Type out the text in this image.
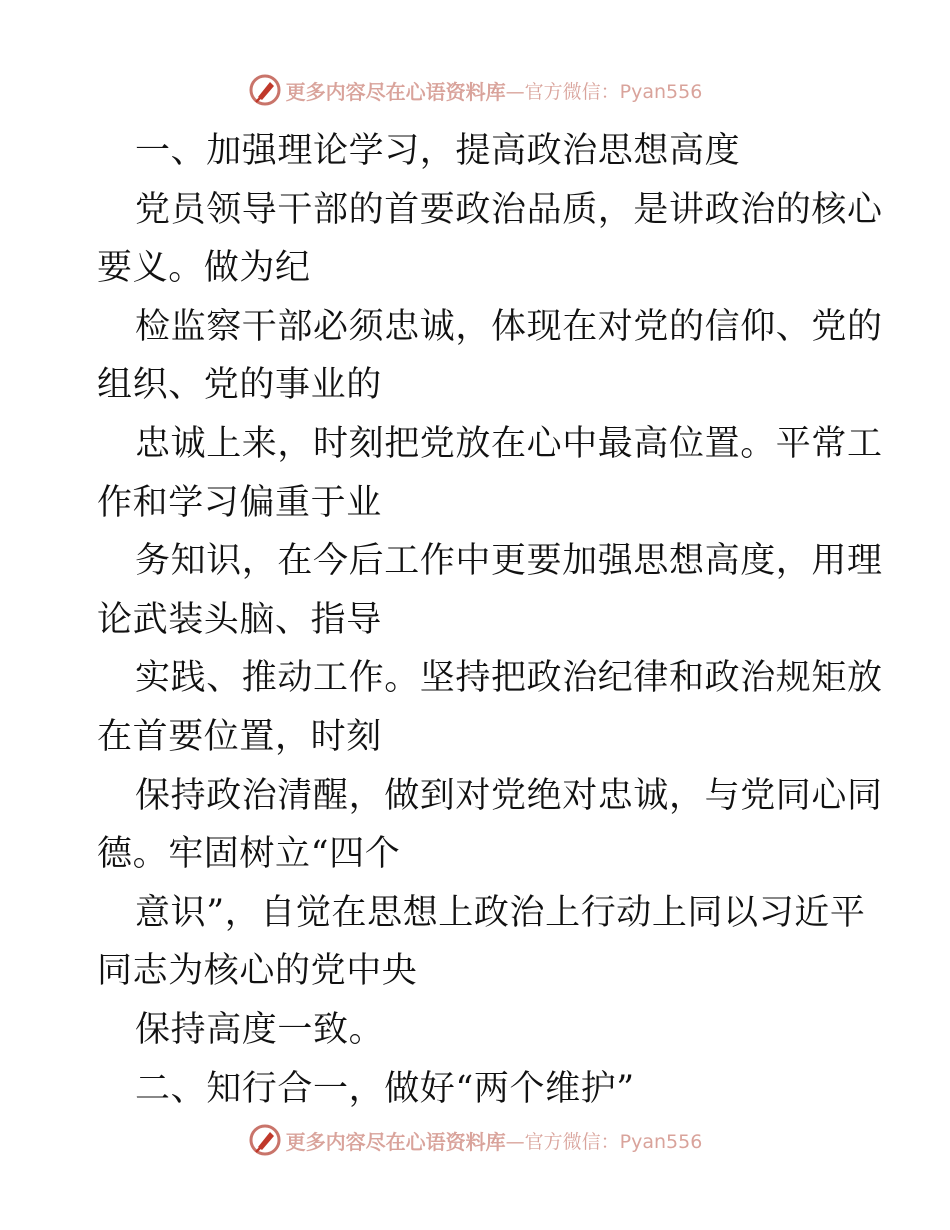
更多内容尽在心语资料库 —官方微信：Pyan556
一、加强理论学习，提高政治思想高度
党员领导干部的首要政治品质，是讲政治的核心
要义。做为纪
检监察干部必须忠诚，体现在对党的信仰、党的
组织、党的事业的
忠诚上来，时刻把党放在心中最高位置。平常工
作和学习偏重于业
务知识，在今后工作中更要加强思想高度，用理
论武装头脑、指导
实践、推动工作。坚持把政治纪律和政治规矩放
在首要位置，时刻
保持政治清醒，做到对党绝对忠诚，与党同心同
德。牢固树立“四个
意识”，自觉在思想上政治上行动上同以习近平
同志为核心的党中央
保持高度一致。
二、知行合一，做好“两个维护”
更多内容尽在心语资料库 —官方微信：Pyan556
